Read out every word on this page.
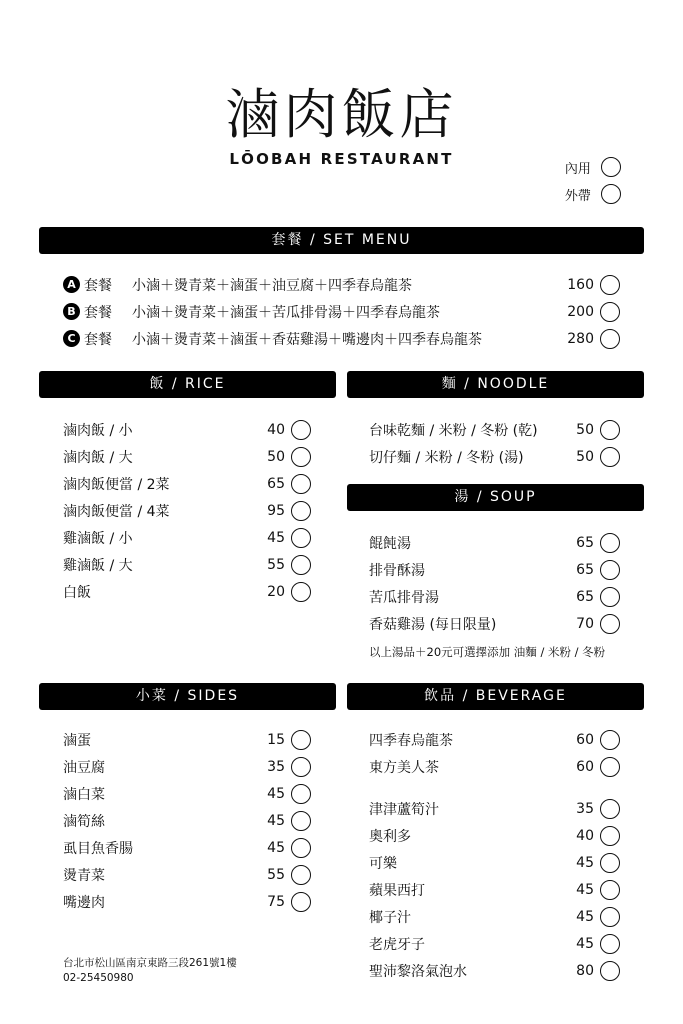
滷肉飯店
LŌOBAH RESTAURANT
內用
外帶
套餐 / SET MENU
A 套餐	小滷＋燙青菜＋滷蛋＋油豆腐＋四季春烏龍茶	160
B 套餐	小滷＋燙青菜＋滷蛋＋苦瓜排骨湯＋四季春烏龍茶	200
C 套餐	小滷＋燙青菜＋滷蛋＋香菇雞湯＋嘴邊肉＋四季春烏龍茶	280
飯 / RICE
滷肉飯 / 小	40
滷肉飯 / 大	50
滷肉飯便當 / 2菜	65
滷肉飯便當 / 4菜	95
雞滷飯 / 小	45
雞滷飯 / 大	55
白飯	20
麵 / NOODLE
台味乾麵 / 米粉 / 冬粉 (乾)	50
切仔麵 / 米粉 / 冬粉 (湯)	50
湯 / SOUP
餛飩湯	65
排骨酥湯	65
苦瓜排骨湯	65
香菇雞湯 (每日限量)	70
以上湯品＋20元可選擇添加 油麵 / 米粉 / 冬粉
小菜 / SIDES
滷蛋	15
油豆腐	35
滷白菜	45
滷筍絲	45
虱目魚香腸	45
燙青菜	55
嘴邊肉	75
飲品 / BEVERAGE
四季春烏龍茶	60
東方美人茶	60
津津蘆筍汁	35
奧利多	40
可樂	45
蘋果西打	45
椰子汁	45
老虎牙子	45
聖沛黎洛氣泡水	80
台北市松山區南京東路三段261號1樓
02-25450980
